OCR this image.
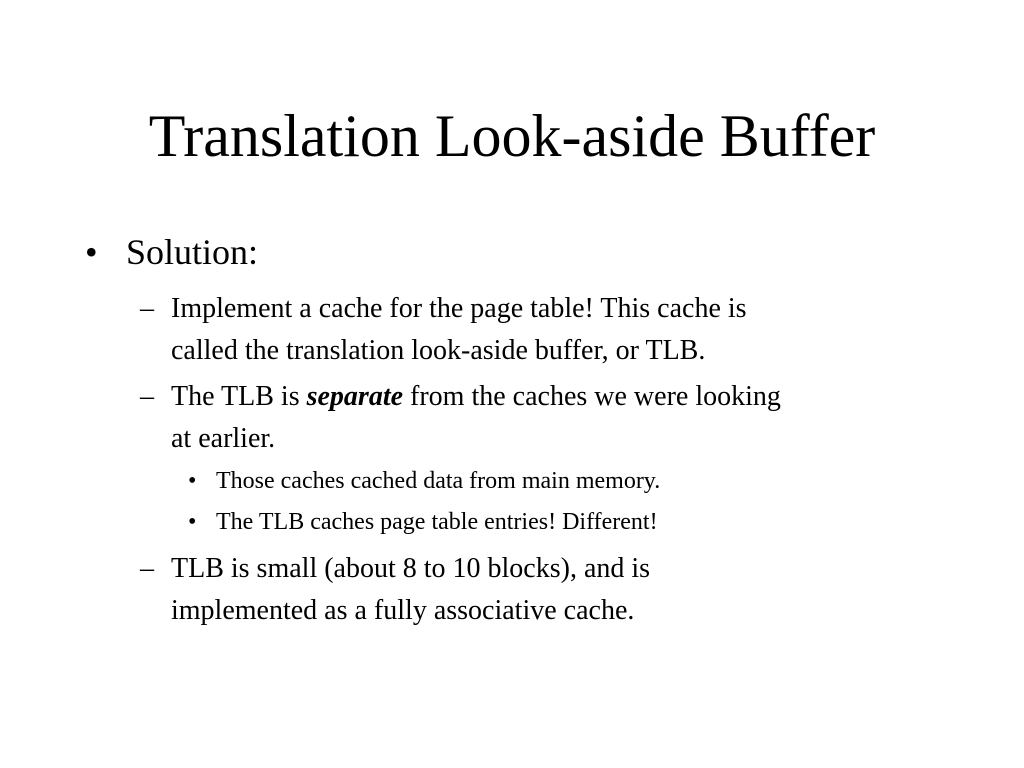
Translation Look-aside Buffer
• Solution:
– Implement a cache for the page table! This cache is
called the translation look-aside buffer, or TLB.
– The TLB is separate from the caches we were looking
at earlier.
• Those caches cached data from main memory.
• The TLB caches page table entries! Different!
– TLB is small (about 8 to 10 blocks), and is
implemented as a fully associative cache.
